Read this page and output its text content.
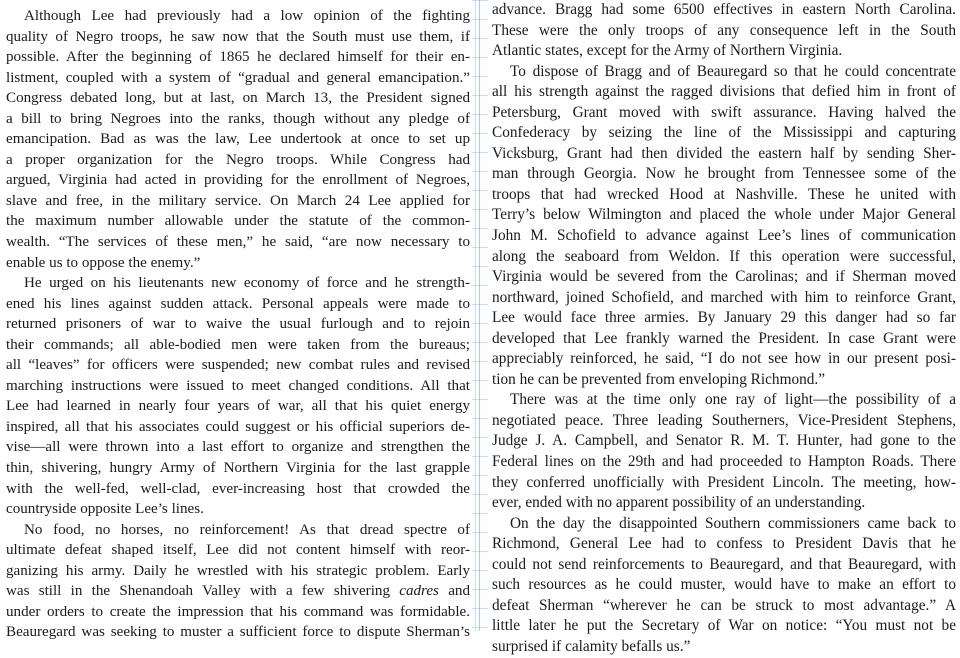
Although Lee had previously had a low opinion of the fighting
quality of Negro troops, he saw now that the South must use them, if
possible. After the beginning of 1865 he declared himself for their en-
listment, coupled with a system of “gradual and general emancipation.”
Congress debated long, but at last, on March 13, the President signed
a bill to bring Negroes into the ranks, though without any pledge of
emancipation. Bad as was the law, Lee undertook at once to set up
a proper organization for the Negro troops. While Congress had
argued, Virginia had acted in providing for the enrollment of Negroes,
slave and free, in the military service. On March 24 Lee applied for
the maximum number allowable under the statute of the common-
wealth. “The services of these men,” he said, “are now necessary to
enable us to oppose the enemy.”
He urged on his lieutenants new economy of force and he strength-
ened his lines against sudden attack. Personal appeals were made to
returned prisoners of war to waive the usual furlough and to rejoin
their commands; all able-bodied men were taken from the bureaus;
all “leaves” for officers were suspended; new combat rules and revised
marching instructions were issued to meet changed conditions. All that
Lee had learned in nearly four years of war, all that his quiet energy
inspired, all that his associates could suggest or his official superiors de-
vise—all were thrown into a last effort to organize and strengthen the
thin, shivering, hungry Army of Northern Virginia for the last grapple
with the well-fed, well-clad, ever-increasing host that crowded the
countryside opposite Lee’s lines.
No food, no horses, no reinforcement! As that dread spectre of
ultimate defeat shaped itself, Lee did not content himself with reor-
ganizing his army. Daily he wrestled with his strategic problem. Early
was still in the Shenandoah Valley with a few shivering cadres and
under orders to create the impression that his command was formidable.
Beauregard was seeking to muster a sufficient force to dispute Sherman’s
advance. Bragg had some 6500 effectives in eastern North Carolina.
These were the only troops of any consequence left in the South
Atlantic states, except for the Army of Northern Virginia.
To dispose of Bragg and of Beauregard so that he could concentrate
all his strength against the ragged divisions that defied him in front of
Petersburg, Grant moved with swift assurance. Having halved the
Confederacy by seizing the line of the Mississippi and capturing
Vicksburg, Grant had then divided the eastern half by sending Sher-
man through Georgia. Now he brought from Tennessee some of the
troops that had wrecked Hood at Nashville. These he united with
Terry’s below Wilmington and placed the whole under Major General
John M. Schofield to advance against Lee’s lines of communication
along the seaboard from Weldon. If this operation were successful,
Virginia would be severed from the Carolinas; and if Sherman moved
northward, joined Schofield, and marched with him to reinforce Grant,
Lee would face three armies. By January 29 this danger had so far
developed that Lee frankly warned the President. In case Grant were
appreciably reinforced, he said, “I do not see how in our present posi-
tion he can be prevented from enveloping Richmond.”
There was at the time only one ray of light—the possibility of a
negotiated peace. Three leading Southerners, Vice-President Stephens,
Judge J. A. Campbell, and Senator R. M. T. Hunter, had gone to the
Federal lines on the 29th and had proceeded to Hampton Roads. There
they conferred unofficially with President Lincoln. The meeting, how-
ever, ended with no apparent possibility of an understanding.
On the day the disappointed Southern commissioners came back to
Richmond, General Lee had to confess to President Davis that he
could not send reinforcements to Beauregard, and that Beauregard, with
such resources as he could muster, would have to make an effort to
defeat Sherman “wherever he can be struck to most advantage.” A
little later he put the Secretary of War on notice: “You must not be
surprised if calamity befalls us.”
